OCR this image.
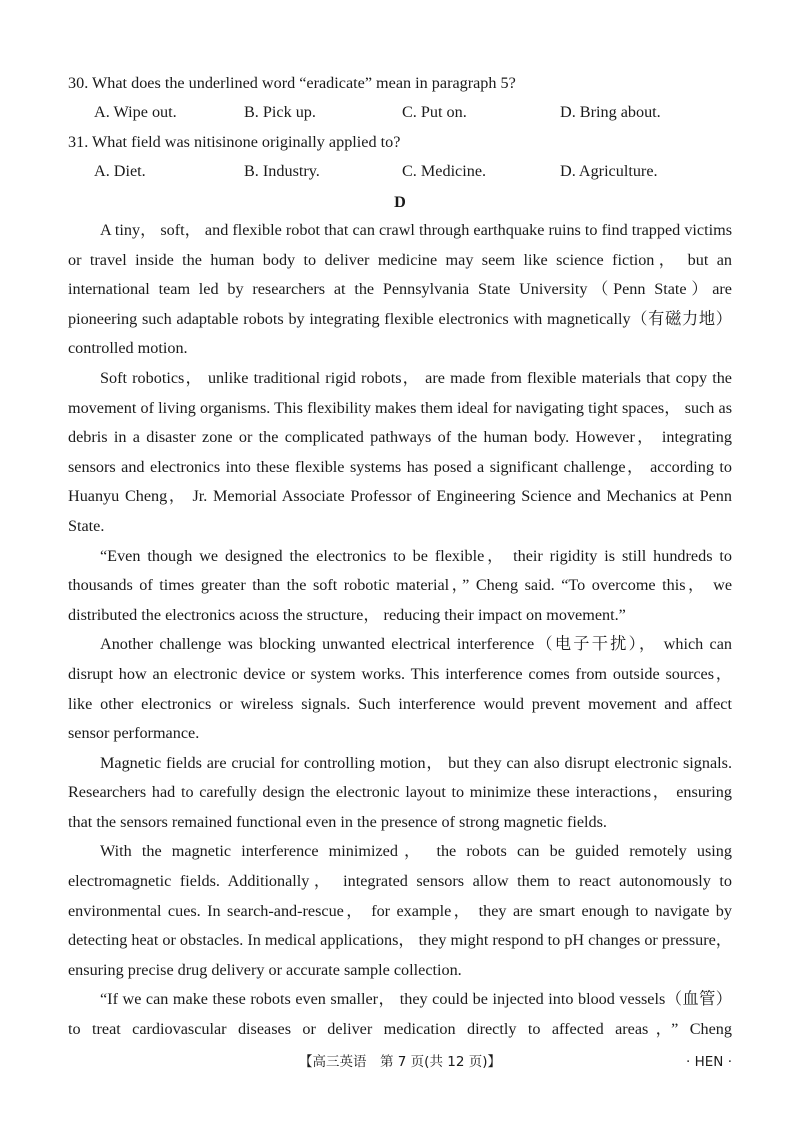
30. What does the underlined word “eradicate” mean in paragraph 5?
A. Wipe out.	B. Pick up.	C. Put on.	D. Bring about.
31. What field was nitisinone originally applied to?
A. Diet.	B. Industry.	C. Medicine.	D. Agriculture.
D

A tiny， soft， and flexible robot that can crawl through earthquake ruins to find trapped victims or travel inside the human body to deliver medicine may seem like science fiction， but an international team led by researchers at the Pennsylvania State University（Penn State）are pioneering such adaptable robots by integrating flexible electronics with magnetically（有磁力地）controlled motion.

Soft robotics， unlike traditional rigid robots， are made from flexible materials that copy the movement of living organisms. This flexibility makes them ideal for navigating tight spaces， such as debris in a disaster zone or the complicated pathways of the human body. However， integrating sensors and electronics into these flexible systems has posed a significant challenge， according to Huanyu Cheng， Jr. Memorial Associate Professor of Engineering Science and Mechanics at Penn State.

“Even though we designed the electronics to be flexible， their rigidity is still hundreds to thousands of times greater than the soft robotic material，” Cheng said. “To overcome this， we distributed the electronics acıoss the structure， reducing their impact on movement.”

Another challenge was blocking unwanted electrical interference（电子干扰）， which can disrupt how an electronic device or system works. This interference comes from outside sources， like other electronics or wireless signals. Such interference would prevent movement and affect sensor performance.

Magnetic fields are crucial for controlling motion， but they can also disrupt electronic signals. Researchers had to carefully design the electronic layout to minimize these interactions， ensuring that the sensors remained functional even in the presence of strong magnetic fields.

With the magnetic interference minimized， the robots can be guided remotely using electromagnetic fields. Additionally， integrated sensors allow them to react autonomously to environmental cues. In search-and-rescue， for example， they are smart enough to navigate by detecting heat or obstacles. In medical applications， they might respond to pH changes or pressure， ensuring precise drug delivery or accurate sample collection.

“If we can make these robots even smaller， they could be injected into blood vessels（血管）to treat cardiovascular diseases or deliver medication directly to affected areas，” Cheng

【高三英语　第 7 页(共 12 页)】	· HEN ·
